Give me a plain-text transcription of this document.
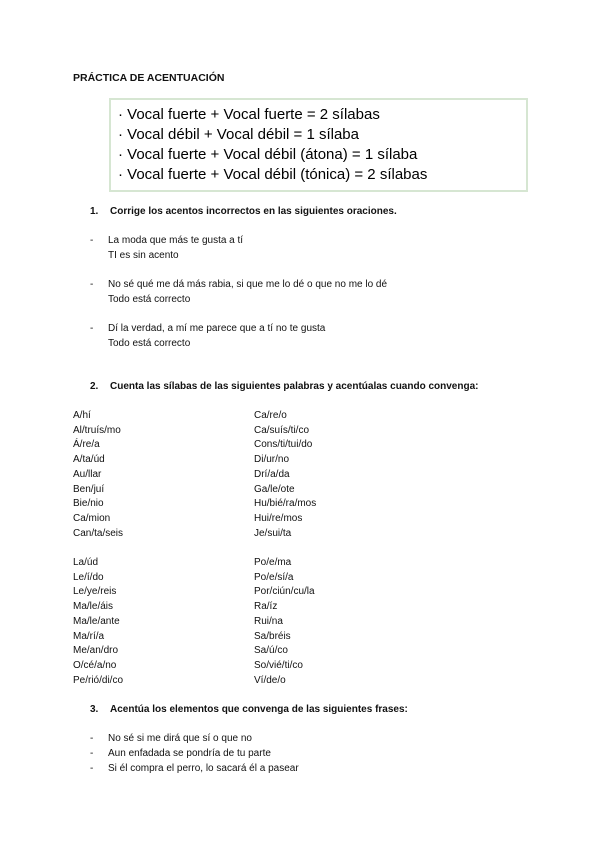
PRÁCTICA DE ACENTUACIÓN
· Vocal fuerte + Vocal fuerte = 2 sílabas
· Vocal débil + Vocal débil = 1 sílaba
· Vocal fuerte + Vocal débil (átona) = 1 sílaba
· Vocal fuerte + Vocal débil (tónica) = 2 sílabas
1. Corrige los acentos incorrectos en las siguientes oraciones.
- La moda que más te gusta a tí
TI es sin acento
- No sé qué me dá más rabia, si que me lo dé o que no me lo dé
Todo está correcto
- Dí la verdad, a mí me parece que a tí no te gusta
Todo está correcto
2. Cuenta las sílabas de las siguientes palabras y acentúalas cuando convenga:
A/hí
Al/truís/mo
Á/re/a
A/ta/úd
Au/llar
Ben/juí
Bie/nio
Ca/mion
Can/ta/seis
Ca/re/o
Ca/suís/ti/co
Cons/ti/tui/do
Di/ur/no
Drí/a/da
Ga/le/ote
Hu/bié/ra/mos
Hui/re/mos
Je/sui/ta
La/úd
Le/í/do
Le/ye/reis
Ma/le/áis
Ma/le/ante
Ma/rí/a
Me/an/dro
O/cé/a/no
Pe/rió/di/co
Po/e/ma
Po/e/sí/a
Por/ciún/cu/la
Ra/íz
Rui/na
Sa/bréis
Sa/ú/co
So/vié/ti/co
Ví/de/o
3. Acentúa los elementos que convenga de las siguientes frases:
- No sé si me dirá que sí o que no
- Aun enfadada se pondría de tu parte
- Si él compra el perro, lo sacará él a pasear
